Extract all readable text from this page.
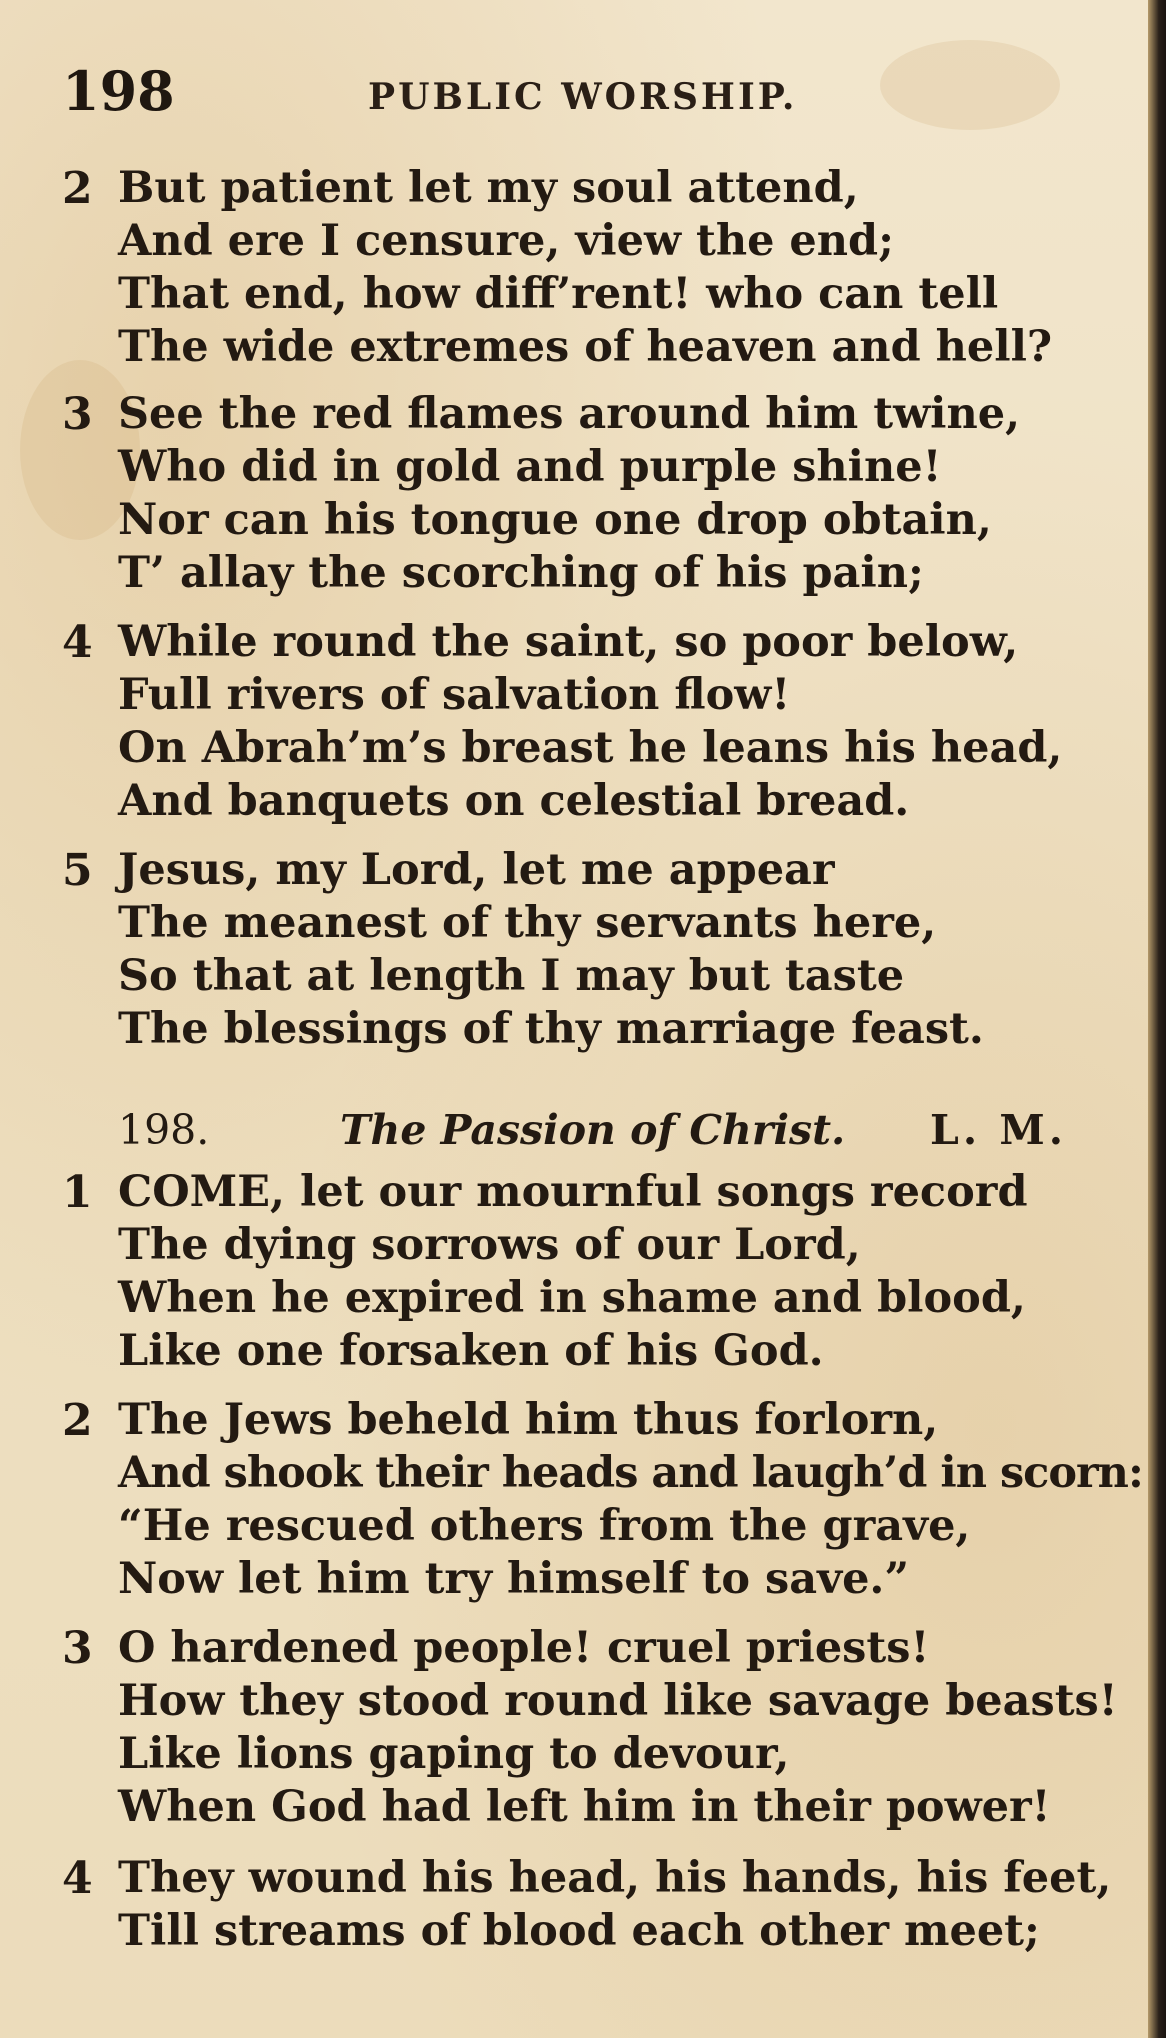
198	PUBLIC WORSHIP.
2 But patient let my soul attend,
And ere I censure, view the end;
That end, how diff’rent! who can tell
The wide extremes of heaven and hell?
3 See the red flames around him twine,
Who did in gold and purple shine!
Nor can his tongue one drop obtain,
T’ allay the scorching of his pain;
4 While round the saint, so poor below,
Full rivers of salvation flow!
On Abrah’m’s breast he leans his head,
And banquets on celestial bread.
5 Jesus, my Lord, let me appear
The meanest of thy servants here,
So that at length I may but taste
The blessings of thy marriage feast.
198.	The Passion of Christ. L. M.
1 COME, let our mournful songs record
The dying sorrows of our Lord,
When he expired in shame and blood,
Like one forsaken of his God.
2 The Jews beheld him thus forlorn,
And shook their heads and laugh’d in scorn:
“He rescued others from the grave,
Now let him try himself to save.”
3 O hardened people! cruel priests!
How they stood round like savage beasts!
Like lions gaping to devour,
When God had left him in their power!
4 They wound his head, his hands, his feet,
Till streams of blood each other meet;
